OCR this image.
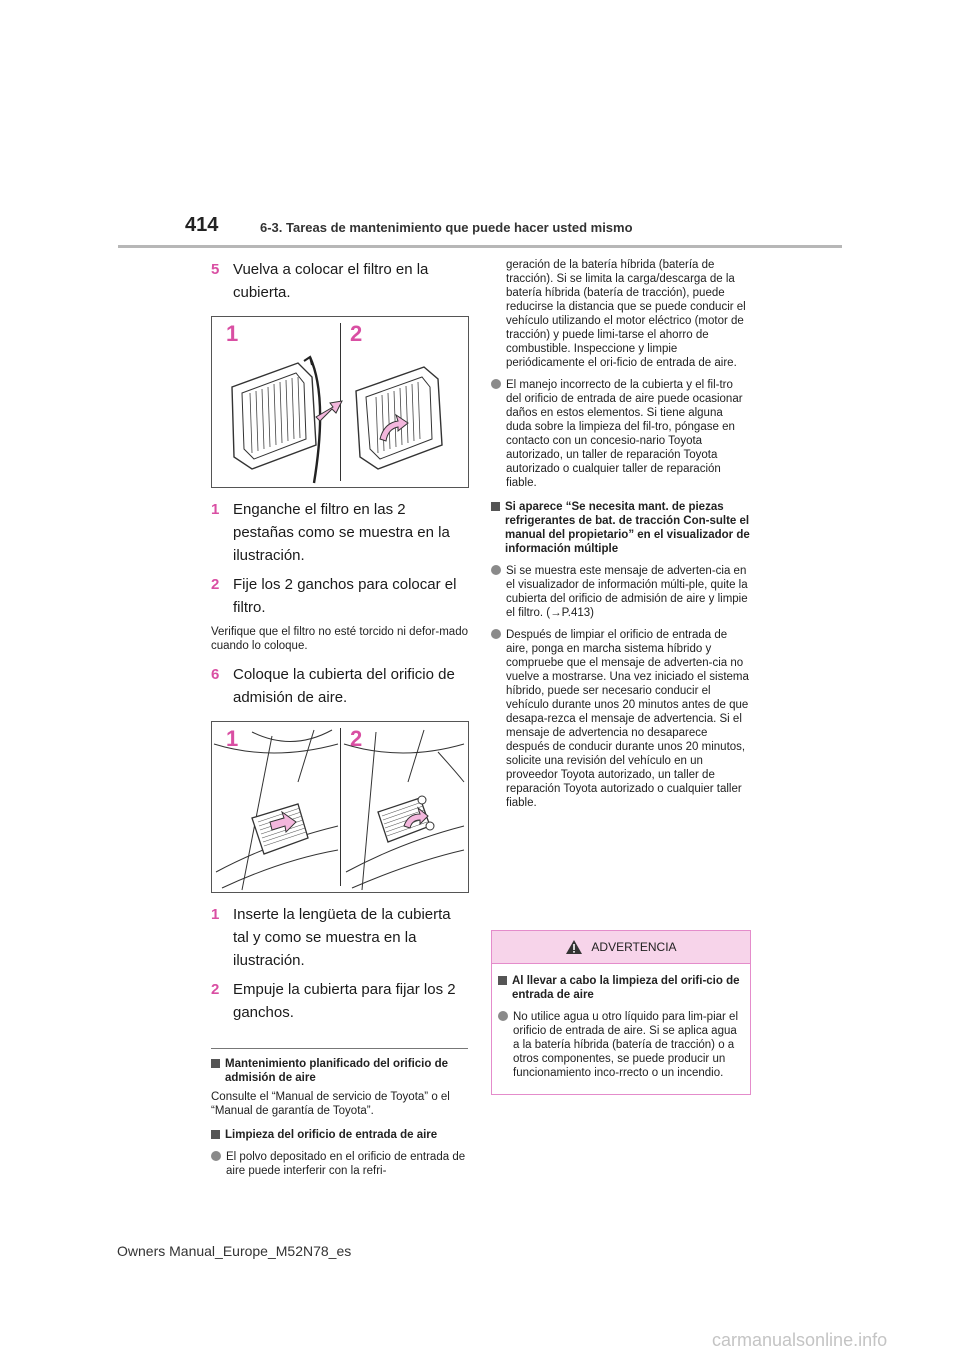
414	6-3. Tareas de mantenimiento que puede hacer usted mismo
5 Vuelva a colocar el filtro en la cubierta.
1	2
1 Enganche el filtro en las 2 pestañas como se muestra en la ilustración.
2 Fije los 2 ganchos para colocar el filtro.
Verifique que el filtro no esté torcido ni defor-mado cuando lo coloque.
6 Coloque la cubierta del orificio de admisión de aire.
1	2
1 Inserte la lengüeta de la cubierta tal y como se muestra en la ilustración.
2 Empuje la cubierta para fijar los 2 ganchos.
Mantenimiento planificado del orificio de admisión de aire
Consulte el “Manual de servicio de Toyota” o el “Manual de garantía de Toyota”.
Limpieza del orificio de entrada de aire
El polvo depositado en el orificio de entrada de aire puede interferir con la refri-
geración de la batería híbrida (batería de tracción). Si se limita la carga/descarga de la batería híbrida (batería de tracción), puede reducirse la distancia que se puede conducir el vehículo utilizando el motor eléctrico (motor de tracción) y puede limi-tarse el ahorro de combustible. Inspeccione y limpie periódicamente el ori-ficio de entrada de aire.
El manejo incorrecto de la cubierta y el fil-tro del orificio de entrada de aire puede ocasionar daños en estos elementos. Si tiene alguna duda sobre la limpieza del fil-tro, póngase en contacto con un concesio-nario Toyota autorizado, un taller de reparación Toyota autorizado o cualquier taller de reparación fiable.
Si aparece “Se necesita mant. de piezas refrigerantes de bat. de tracción Con-sulte el manual del propietario” en el visualizador de información múltiple
Si se muestra este mensaje de adverten-cia en el visualizador de información múlti-ple, quite la cubierta del orificio de admisión de aire y limpie el filtro. (→P.413)
Después de limpiar el orificio de entrada de aire, ponga en marcha sistema híbrido y compruebe que el mensaje de adverten-cia no vuelve a mostrarse. Una vez iniciado el sistema híbrido, puede ser necesario conducir el vehículo durante unos 20 minutos antes de que desapa-rezca el mensaje de advertencia. Si el mensaje de advertencia no desaparece después de conducir durante unos 20 minutos, solicite una revisión del vehículo en un proveedor Toyota autorizado, un taller de reparación Toyota autorizado o cualquier taller fiable.
ADVERTENCIA
Al llevar a cabo la limpieza del orifi-cio de entrada de aire
No utilice agua u otro líquido para lim-piar el orificio de entrada de aire. Si se aplica agua a la batería híbrida (batería de tracción) o a otros componentes, se puede producir un funcionamiento inco-rrecto o un incendio.
Owners Manual_Europe_M52N78_es
carmanualsonline.info
